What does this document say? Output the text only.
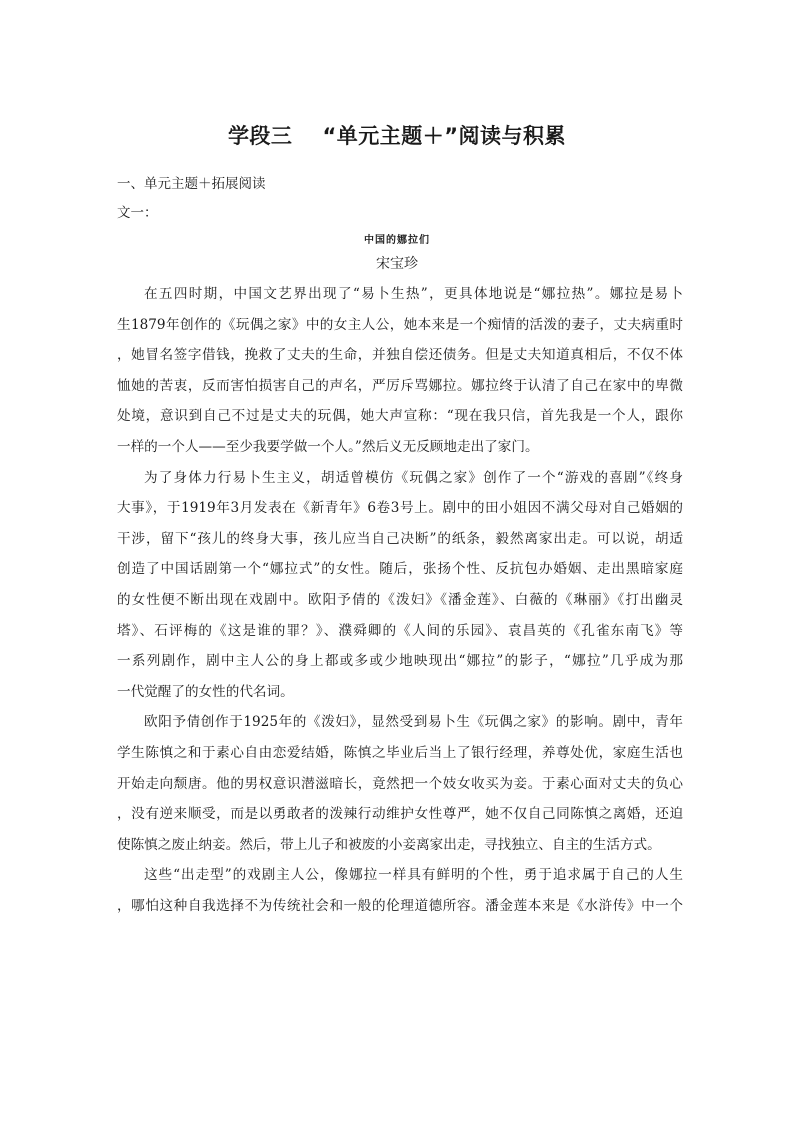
学段三 “单元主题＋”阅读与积累
一、单元主题＋拓展阅读
文一：
中国的娜拉们
宋宝珍
在五四时期，中国文艺界出现了“易卜生热”，更具体地说是“娜拉热”。娜拉是易卜
生1879年创作的《玩偶之家》中的女主人公，她本来是一个痴情的活泼的妻子，丈夫病重时
，她冒名签字借钱，挽救了丈夫的生命，并独自偿还债务。但是丈夫知道真相后，不仅不体
恤她的苦衷，反而害怕损害自己的声名，严厉斥骂娜拉。娜拉终于认清了自己在家中的卑微
处境，意识到自己不过是丈夫的玩偶，她大声宣称：“现在我只信，首先我是一个人，跟你
一样的一个人——至少我要学做一个人。”然后义无反顾地走出了家门。
为了身体力行易卜生主义，胡适曾模仿《玩偶之家》创作了一个“游戏的喜剧”《终身
大事》，于1919年3月发表在《新青年》6卷3号上。剧中的田小姐因不满父母对自己婚姻的
干涉，留下“孩儿的终身大事，孩儿应当自己决断”的纸条，毅然离家出走。可以说，胡适
创造了中国话剧第一个“娜拉式”的女性。随后，张扬个性、反抗包办婚姻、走出黑暗家庭
的女性便不断出现在戏剧中。欧阳予倩的《泼妇》《潘金莲》、白薇的《琳丽》《打出幽灵
塔》、石评梅的《这是谁的罪？》、濮舜卿的《人间的乐园》、袁昌英的《孔雀东南飞》等
一系列剧作，剧中主人公的身上都或多或少地映现出“娜拉”的影子，“娜拉”几乎成为那
一代觉醒了的女性的代名词。
欧阳予倩创作于1925年的《泼妇》，显然受到易卜生《玩偶之家》的影响。剧中，青年
学生陈慎之和于素心自由恋爱结婚，陈慎之毕业后当上了银行经理，养尊处优，家庭生活也
开始走向颓唐。他的男权意识潜滋暗长，竟然把一个妓女收买为妾。于素心面对丈夫的负心
，没有逆来顺受，而是以勇敢者的泼辣行动维护女性尊严，她不仅自己同陈慎之离婚，还迫
使陈慎之废止纳妾。然后，带上儿子和被废的小妾离家出走，寻找独立、自主的生活方式。
这些“出走型”的戏剧主人公，像娜拉一样具有鲜明的个性，勇于追求属于自己的人生
，哪怕这种自我选择不为传统社会和一般的伦理道德所容。潘金莲本来是《水浒传》中一个
